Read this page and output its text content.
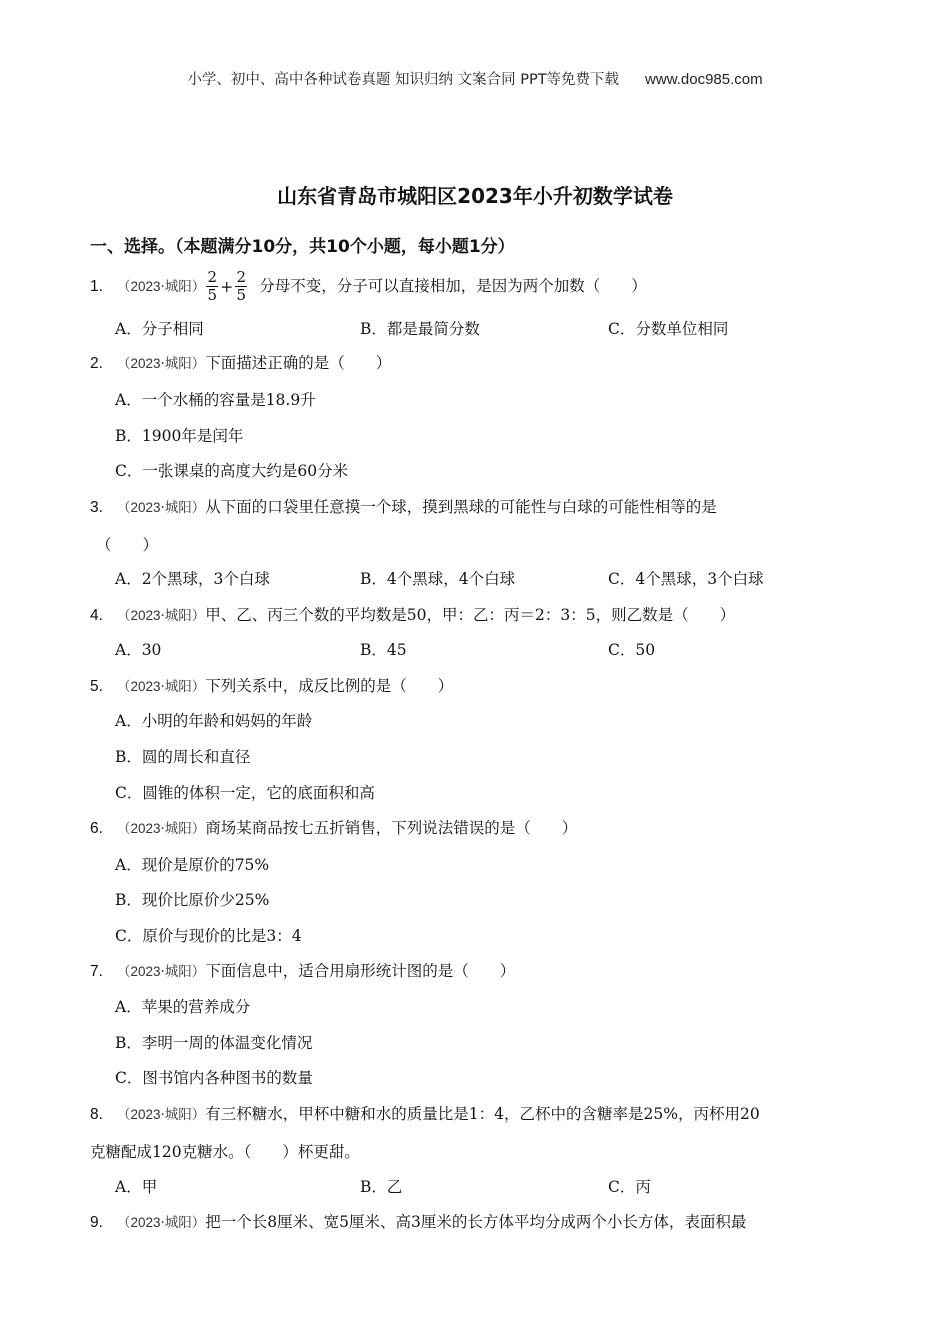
小学、初中、高中各种试卷真题 知识归纳 文案合同 PPT等免费下载 www.doc985.com
山东省青岛市城阳区2023年小升初数学试卷
一、选择。（本题满分10分，共10个小题，每小题1分）
1. （2023·城阳） $\frac{2}{5} + \frac{2}{5}$ 分母不变，分子可以直接相加，是因为两个加数（　　）
A．分子相同	B．都是最简分数	C．分数单位相同
2. （2023·城阳）下面描述正确的是（　　）
A．一个水桶的容量是18.9升
B．1900年是闰年
C．一张课桌的高度大约是60分米
3. （2023·城阳）从下面的口袋里任意摸一个球，摸到黑球的可能性与白球的可能性相等的是
（　　）
A．2个黑球，3个白球	B．4个黑球，4个白球	C．4个黑球，3个白球
4. （2023·城阳）甲、乙、丙三个数的平均数是50，甲：乙：丙＝2：3：5，则乙数是（　　）
A．30	B．45	C．50
5. （2023·城阳）下列关系中，成反比例的是（　　）
A．小明的年龄和妈妈的年龄
B．圆的周长和直径
C．圆锥的体积一定，它的底面积和高
6. （2023·城阳）商场某商品按七五折销售，下列说法错误的是（　　）
A．现价是原价的75%
B．现价比原价少25%
C．原价与现价的比是3：4
7. （2023·城阳）下面信息中，适合用扇形统计图的是（　　）
A．苹果的营养成分
B．李明一周的体温变化情况
C．图书馆内各种图书的数量
8. （2023·城阳）有三杯糖水，甲杯中糖和水的质量比是1：4，乙杯中的含糖率是25%，丙杯用20
克糖配成120克糖水。（　　）杯更甜。
A．甲	B．乙	C．丙
9. （2023·城阳）把一个长8厘米、宽5厘米、高3厘米的长方体平均分成两个小长方体，表面积最
